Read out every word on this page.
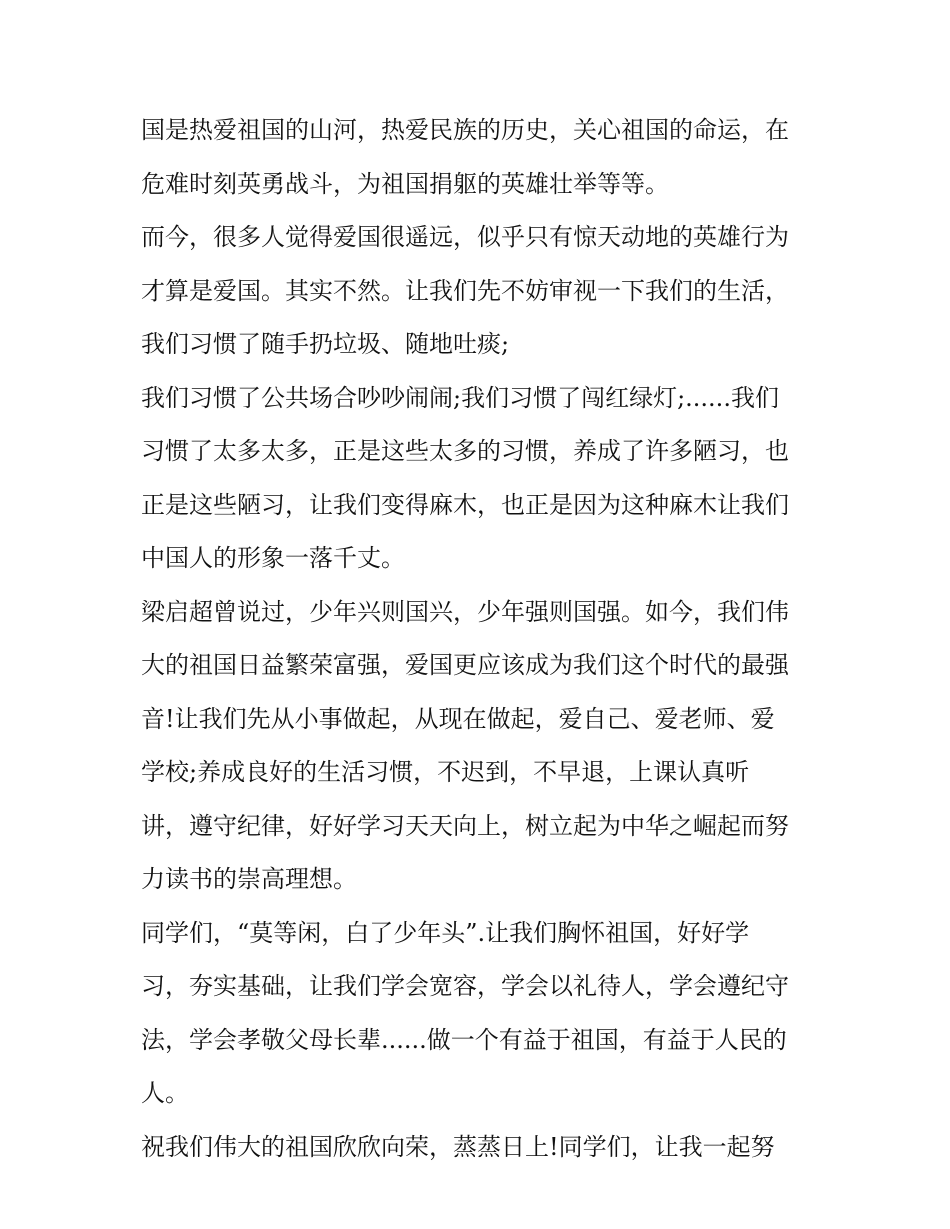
国是热爱祖国的山河，热爱民族的历史，关心祖国的命运，在
危难时刻英勇战斗，为祖国捐躯的英雄壮举等等。
而今，很多人觉得爱国很遥远，似乎只有惊天动地的英雄行为
才算是爱国。其实不然。让我们先不妨审视一下我们的生活，
我们习惯了随手扔垃圾、随地吐痰;
我们习惯了公共场合吵吵闹闹;我们习惯了闯红绿灯;......我们
习惯了太多太多，正是这些太多的习惯，养成了许多陋习，也
正是这些陋习，让我们变得麻木，也正是因为这种麻木让我们
中国人的形象一落千丈。
梁启超曾说过，少年兴则国兴，少年强则国强。如今，我们伟
大的祖国日益繁荣富强，爱国更应该成为我们这个时代的最强
音!让我们先从小事做起，从现在做起，爱自己、爱老师、爱
学校;养成良好的生活习惯，不迟到，不早退，上课认真听
讲，遵守纪律，好好学习天天向上，树立起为中华之崛起而努
力读书的崇高理想。
同学们，“莫等闲，白了少年头”.让我们胸怀祖国，好好学
习，夯实基础，让我们学会宽容，学会以礼待人，学会遵纪守
法，学会孝敬父母长辈......做一个有益于祖国，有益于人民的
人。
祝我们伟大的祖国欣欣向荣，蒸蒸日上!同学们，让我一起努
